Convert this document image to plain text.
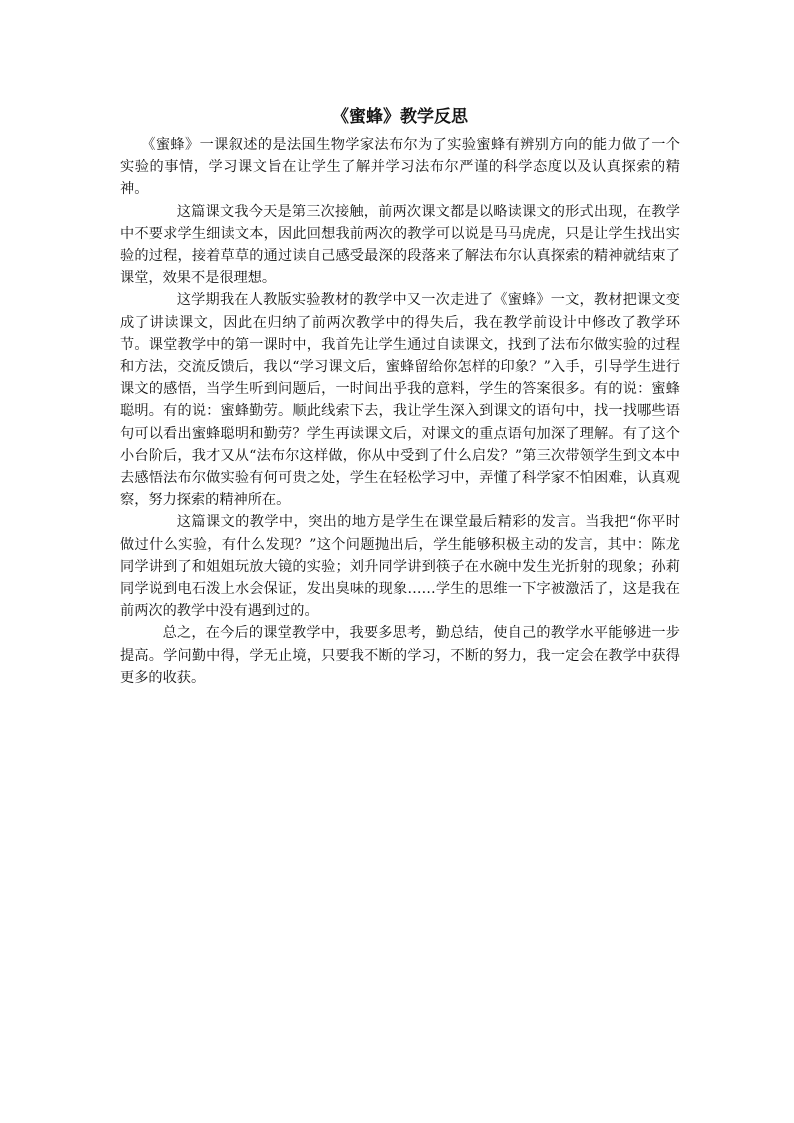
《蜜蜂》教学反思

《蜜蜂》一课叙述的是法国生物学家法布尔为了实验蜜蜂有辨别方向的能力做了一个实验的事情，学习课文旨在让学生了解并学习法布尔严谨的科学态度以及认真探索的精神。

这篇课文我今天是第三次接触，前两次课文都是以略读课文的形式出现，在教学中不要求学生细读文本，因此回想我前两次的教学可以说是马马虎虎，只是让学生找出实验的过程，接着草草的通过读自己感受最深的段落来了解法布尔认真探索的精神就结束了课堂，效果不是很理想。

这学期我在人教版实验教材的教学中又一次走进了《蜜蜂》一文，教材把课文变成了讲读课文，因此在归纳了前两次教学中的得失后，我在教学前设计中修改了教学环节。课堂教学中的第一课时中，我首先让学生通过自读课文，找到了法布尔做实验的过程和方法，交流反馈后，我以“学习课文后，蜜蜂留给你怎样的印象？”入手，引导学生进行课文的感悟，当学生听到问题后，一时间出乎我的意料，学生的答案很多。有的说：蜜蜂聪明。有的说：蜜蜂勤劳。顺此线索下去，我让学生深入到课文的语句中，找一找哪些语句可以看出蜜蜂聪明和勤劳？学生再读课文后，对课文的重点语句加深了理解。有了这个小台阶后，我才又从“法布尔这样做，你从中受到了什么启发？”第三次带领学生到文本中去感悟法布尔做实验有何可贵之处，学生在轻松学习中，弄懂了科学家不怕困难，认真观察，努力探索的精神所在。

这篇课文的教学中，突出的地方是学生在课堂最后精彩的发言。当我把“你平时做过什么实验，有什么发现？”这个问题抛出后，学生能够积极主动的发言，其中：陈龙同学讲到了和姐姐玩放大镜的实验；刘升同学讲到筷子在水碗中发生光折射的现象；孙莉同学说到电石泼上水会保证，发出臭味的现象……学生的思维一下字被激活了，这是我在前两次的教学中没有遇到过的。

总之，在今后的课堂教学中，我要多思考，勤总结，使自己的教学水平能够进一步提高。学问勤中得，学无止境，只要我不断的学习，不断的努力，我一定会在教学中获得更多的收获。
